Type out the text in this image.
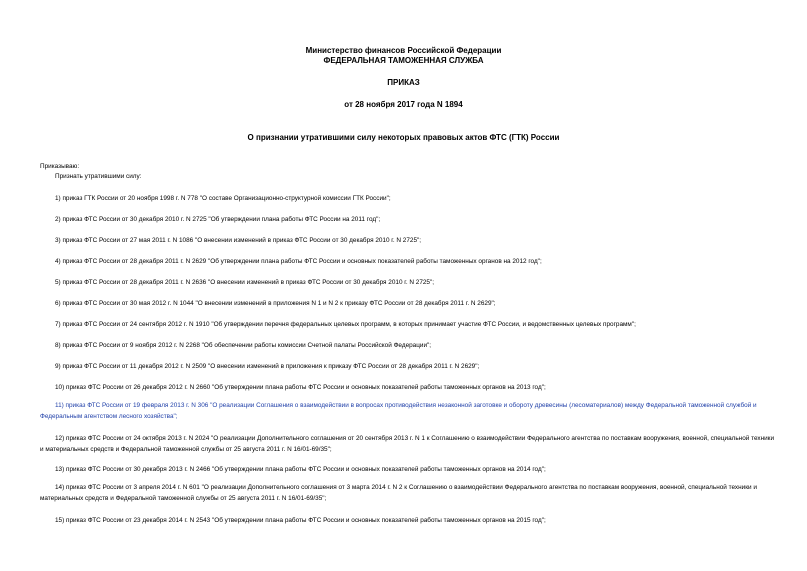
Министерство финансов Российской Федерации
ФЕДЕРАЛЬНАЯ ТАМОЖЕННАЯ СЛУЖБА
ПРИКАЗ
от 28 ноября 2017 года N 1894
О признании утратившими силу некоторых правовых актов ФТС (ГТК) России
Приказываю:
Признать утратившими силу:
1) приказ ГТК России от 20 ноября 1998 г. N 778 "О составе Организационно-структурной комиссии ГТК России";
2) приказ ФТС России от 30 декабря 2010 г. N 2725 "Об утверждении плана работы ФТС России на 2011 год";
3) приказ ФТС России от 27 мая 2011 г. N 1086 "О внесении изменений в приказ ФТС России от 30 декабря 2010 г. N 2725";
4) приказ ФТС России от 28 декабря 2011 г. N 2629 "Об утверждении плана работы ФТС России и основных показателей работы таможенных органов на 2012 год";
5) приказ ФТС России от 28 декабря 2011 г. N 2636 "О внесении изменений в приказ ФТС России от 30 декабря 2010 г. N 2725";
6) приказ ФТС России от 30 мая 2012 г. N 1044 "О внесении изменений в приложения N 1 и N 2 к приказу ФТС России от 28 декабря 2011 г. N 2629";
7) приказ ФТС России от 24 сентября 2012 г. N 1910 "Об утверждении перечня федеральных целевых программ, в которых принимает участие ФТС России, и ведомственных целевых программ";
8) приказ ФТС России от 9 ноября 2012 г. N 2268 "Об обеспечении работы комиссии Счетной палаты Российской Федерации";
9) приказ ФТС России от 11 декабря 2012 г. N 2509 "О внесении изменений в приложения к приказу ФТС России от 28 декабря 2011 г. N 2629";
10) приказ ФТС России от 26 декабря 2012 г. N 2660 "Об утверждении плана работы ФТС России и основных показателей работы таможенных органов на 2013 год";
11) приказ ФТС России от 19 февраля 2013 г. N 306 "О реализации Соглашения о взаимодействии в вопросах противодействия незаконной заготовке и обороту древесины (лесоматериалов) между Федеральной таможенной службой и Федеральным агентством лесного хозяйства";
12) приказ ФТС России от 24 октября 2013 г. N 2024 "О реализации Дополнительного соглашения от 20 сентября 2013 г. N 1 к Соглашению о взаимодействии Федерального агентства по поставкам вооружения, военной, специальной техники и материальных средств и Федеральной таможенной службы от 25 августа 2011 г. N 16/01-69/35";
13) приказ ФТС России от 30 декабря 2013 г. N 2466 "Об утверждении плана работы ФТС России и основных показателей работы таможенных органов на 2014 год";
14) приказ ФТС России от 3 апреля 2014 г. N 601 "О реализации Дополнительного соглашения от 3 марта 2014 г. N 2 к Соглашению о взаимодействии Федерального агентства по поставкам вооружения, военной, специальной техники и материальных средств и Федеральной таможенной службы от 25 августа 2011 г. N 16/01-69/35";
15) приказ ФТС России от 23 декабря 2014 г. N 2543 "Об утверждении плана работы ФТС России и основных показателей работы таможенных органов на 2015 год";
